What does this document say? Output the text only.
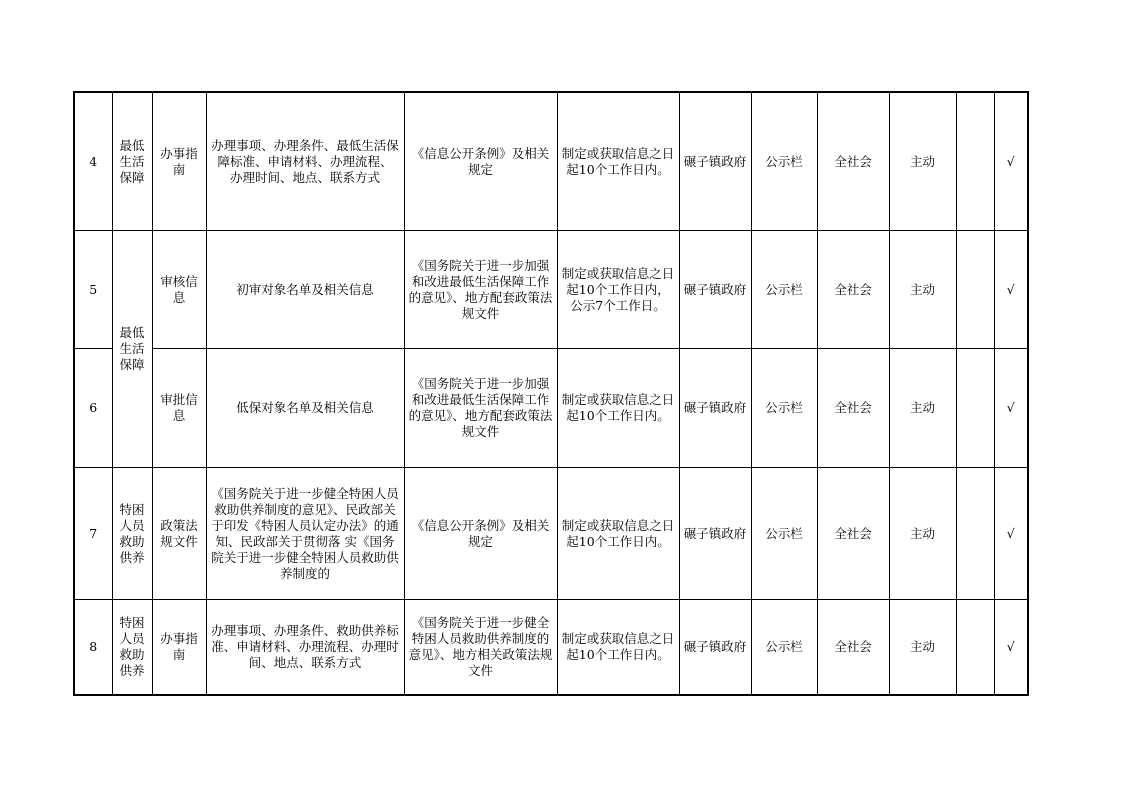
4	最低生活保障	办事指南	办理事项、办理条件、最低生活保障标准、申请材料、办理流程、 办理时间、地点、联系方式	《信息公开条例》及相关规定	制定或获取信息之日起10个工作日内。	碾子镇政府	公示栏	全社会	主动		√
5	最低生活保障	审核信息	初审对象名单及相关信息	《国务院关于进一步加强和改进最低生活保障工作的意见》、地方配套政策法规文件	制定或获取信息之日起10个工作日内，公示7个工作日。	碾子镇政府	公示栏	全社会	主动		√
6		审批信息	低保对象名单及相关信息	《国务院关于进一步加强和改进最低生活保障工作的意见》、地方配套政策法规文件	制定或获取信息之日起10个工作日内。	碾子镇政府	公示栏	全社会	主动		√
7	特困人员救助供养	政策法规文件	《国务院关于进一步健全特困人员救助供养制度的意见》、民政部关于印发《特困人员认定办法》的通知、民政部关于贯彻落 实《国务院关于进一步健全特困人员救助供养制度的	《信息公开条例》及相关规定	制定或获取信息之日起10个工作日内。	碾子镇政府	公示栏	全社会	主动		√
8	特困人员救助供养	办事指南	办理事项、办理条件、救助供养标准、申请材料、办理流程、办理时间、地点、联系方式	《国务院关于进一步健全特困人员救助供养制度的意见》、地方相关政策法规文件	制定或获取信息之日起10个工作日内。	碾子镇政府	公示栏	全社会	主动		√
